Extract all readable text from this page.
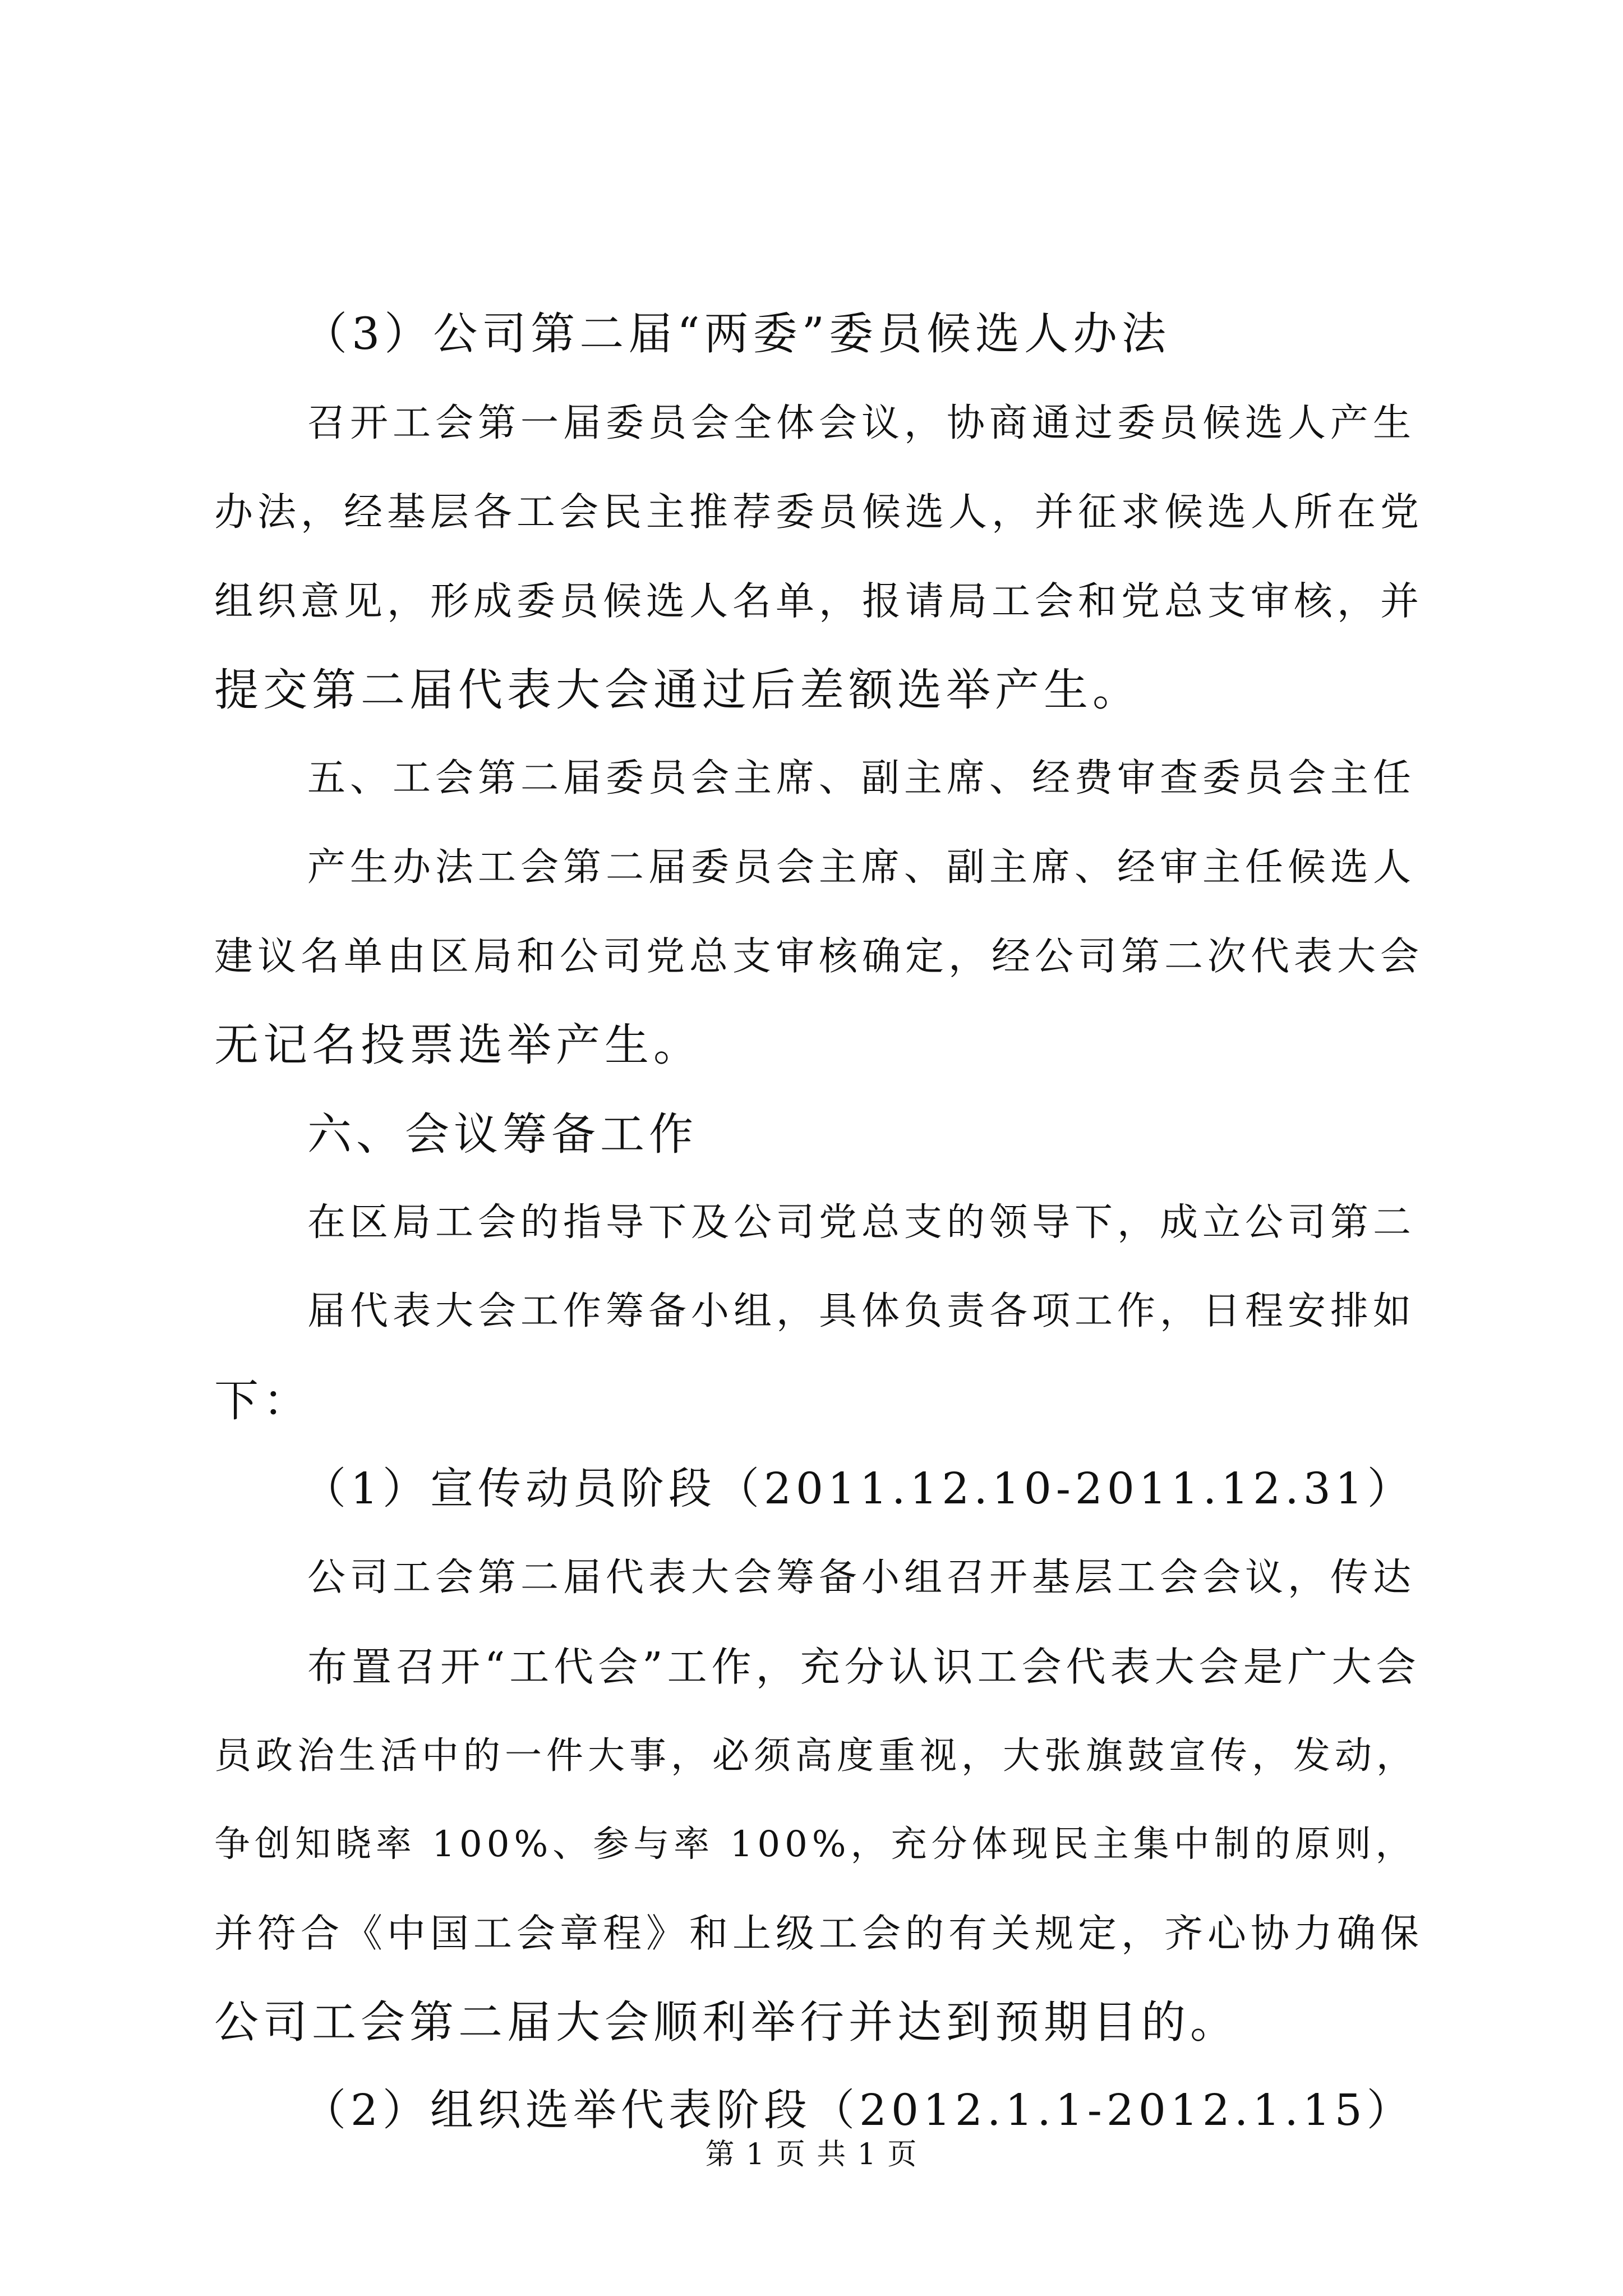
（3）公司第二届“两委”委员候选人办法
召开工会第一届委员会全体会议，协商通过委员候选人产生
办法，经基层各工会民主推荐委员候选人，并征求候选人所在党
组织意见，形成委员候选人名单，报请局工会和党总支审核，并
提交第二届代表大会通过后差额选举产生。
五、工会第二届委员会主席、副主席、经费审查委员会主任
产生办法工会第二届委员会主席、副主席、经审主任候选人
建议名单由区局和公司党总支审核确定，经公司第二次代表大会
无记名投票选举产生。
六、会议筹备工作
在区局工会的指导下及公司党总支的领导下，成立公司第二
届代表大会工作筹备小组，具体负责各项工作，日程安排如
下：
（1）宣传动员阶段（2011.12.10-2011.12.31）
公司工会第二届代表大会筹备小组召开基层工会会议，传达
布置召开“工代会”工作，充分认识工会代表大会是广大会
员政治生活中的一件大事，必须高度重视，大张旗鼓宣传，发动，
争创知晓率 100%、参与率 100%，充分体现民主集中制的原则，
并符合《中国工会章程》和上级工会的有关规定，齐心协力确保
公司工会第二届大会顺利举行并达到预期目的。
（2）组织选举代表阶段（2012.1.1-2012.1.15）
第 1 页 共 1 页
